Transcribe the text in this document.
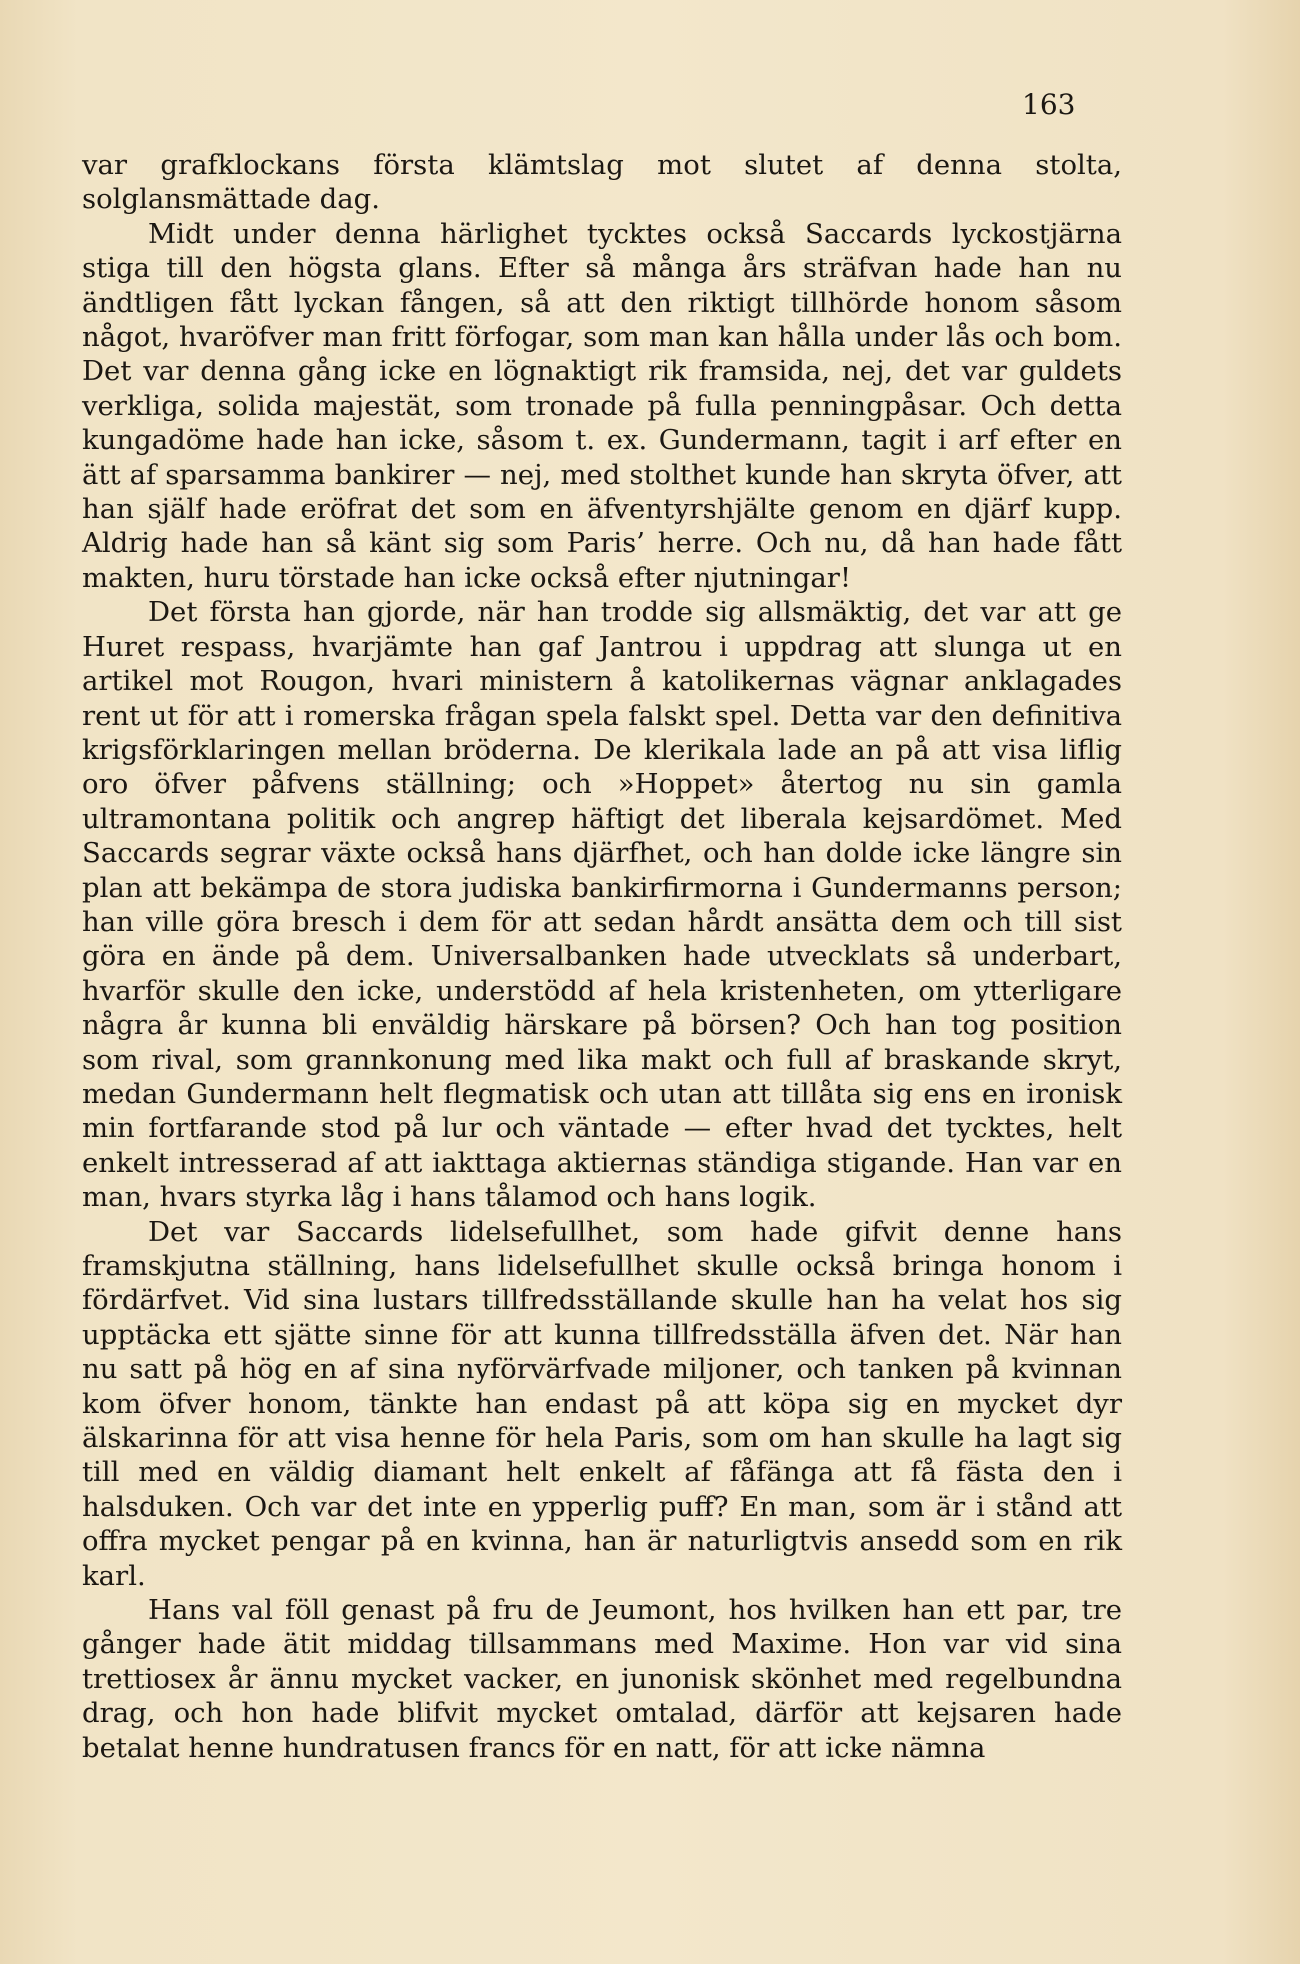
163

var grafklockans första klämtslag mot slutet af denna stolta, solglansmättade dag.

Midt under denna härlighet tycktes också Saccards lyckostjärna stiga till den högsta glans. Efter så många års sträfvan hade han nu ändtligen fått lyckan fången, så att den riktigt tillhörde honom såsom något, hvaröfver man fritt förfogar, som man kan hålla under lås och bom. Det var denna gång icke en lögnaktigt rik framsida, nej, det var guldets verkliga, solida majestät, som tronade på fulla penningpåsar. Och detta kungadöme hade han icke, såsom t. ex. Gundermann, tagit i arf efter en ätt af sparsamma bankirer — nej, med stolthet kunde han skryta öfver, att han själf hade eröfrat det som en äfventyrshjälte genom en djärf kupp. Aldrig hade han så känt sig som Paris’ herre. Och nu, då han hade fått makten, huru törstade han icke också efter njutningar!

Det första han gjorde, när han trodde sig allsmäktig, det var att ge Huret respass, hvarjämte han gaf Jantrou i uppdrag att slunga ut en artikel mot Rougon, hvari ministern å katolikernas vägnar anklagades rent ut för att i romerska frågan spela falskt spel. Detta var den definitiva krigsförklaringen mellan bröderna. De klerikala lade an på att visa liflig oro öfver påfvens ställning; och »Hoppet» återtog nu sin gamla ultramontana politik och angrep häftigt det liberala kejsardömet. Med Saccards segrar växte också hans djärfhet, och han dolde icke längre sin plan att bekämpa de stora judiska bankirfirmorna i Gundermanns person; han ville göra bresch i dem för att sedan hårdt ansätta dem och till sist göra en ände på dem. Universalbanken hade utvecklats så underbart, hvarför skulle den icke, understödd af hela kristenheten, om ytterligare några år kunna bli enväldig härskare på börsen? Och han tog position som rival, som grannkonung med lika makt och full af braskande skryt, medan Gundermann helt flegmatisk och utan att tillåta sig ens en ironisk min fortfarande stod på lur och väntade — efter hvad det tycktes, helt enkelt intresserad af att iakttaga aktiernas ständiga stigande. Han var en man, hvars styrka låg i hans tålamod och hans logik.

Det var Saccards lidelsefullhet, som hade gifvit denne hans framskjutna ställning, hans lidelsefullhet skulle också bringa honom i fördärfvet. Vid sina lustars tillfredsställande skulle han ha velat hos sig upptäcka ett sjätte sinne för att kunna tillfredsställa äfven det. När han nu satt på hög en af sina nyförvärfvade miljoner, och tanken på kvinnan kom öfver honom, tänkte han endast på att köpa sig en mycket dyr älskarinna för att visa henne för hela Paris, som om han skulle ha lagt sig till med en väldig diamant helt enkelt af fåfänga att få fästa den i halsduken. Och var det inte en ypperlig puff? En man, som är i stånd att offra mycket pengar på en kvinna, han är naturligtvis ansedd som en rik karl.

Hans val föll genast på fru de Jeumont, hos hvilken han ett par, tre gånger hade ätit middag tillsammans med Maxime. Hon var vid sina trettiosex år ännu mycket vacker, en junonisk skönhet med regelbundna drag, och hon hade blifvit mycket omtalad, därför att kejsaren hade betalat henne hundratusen francs för en natt, för att icke nämna
